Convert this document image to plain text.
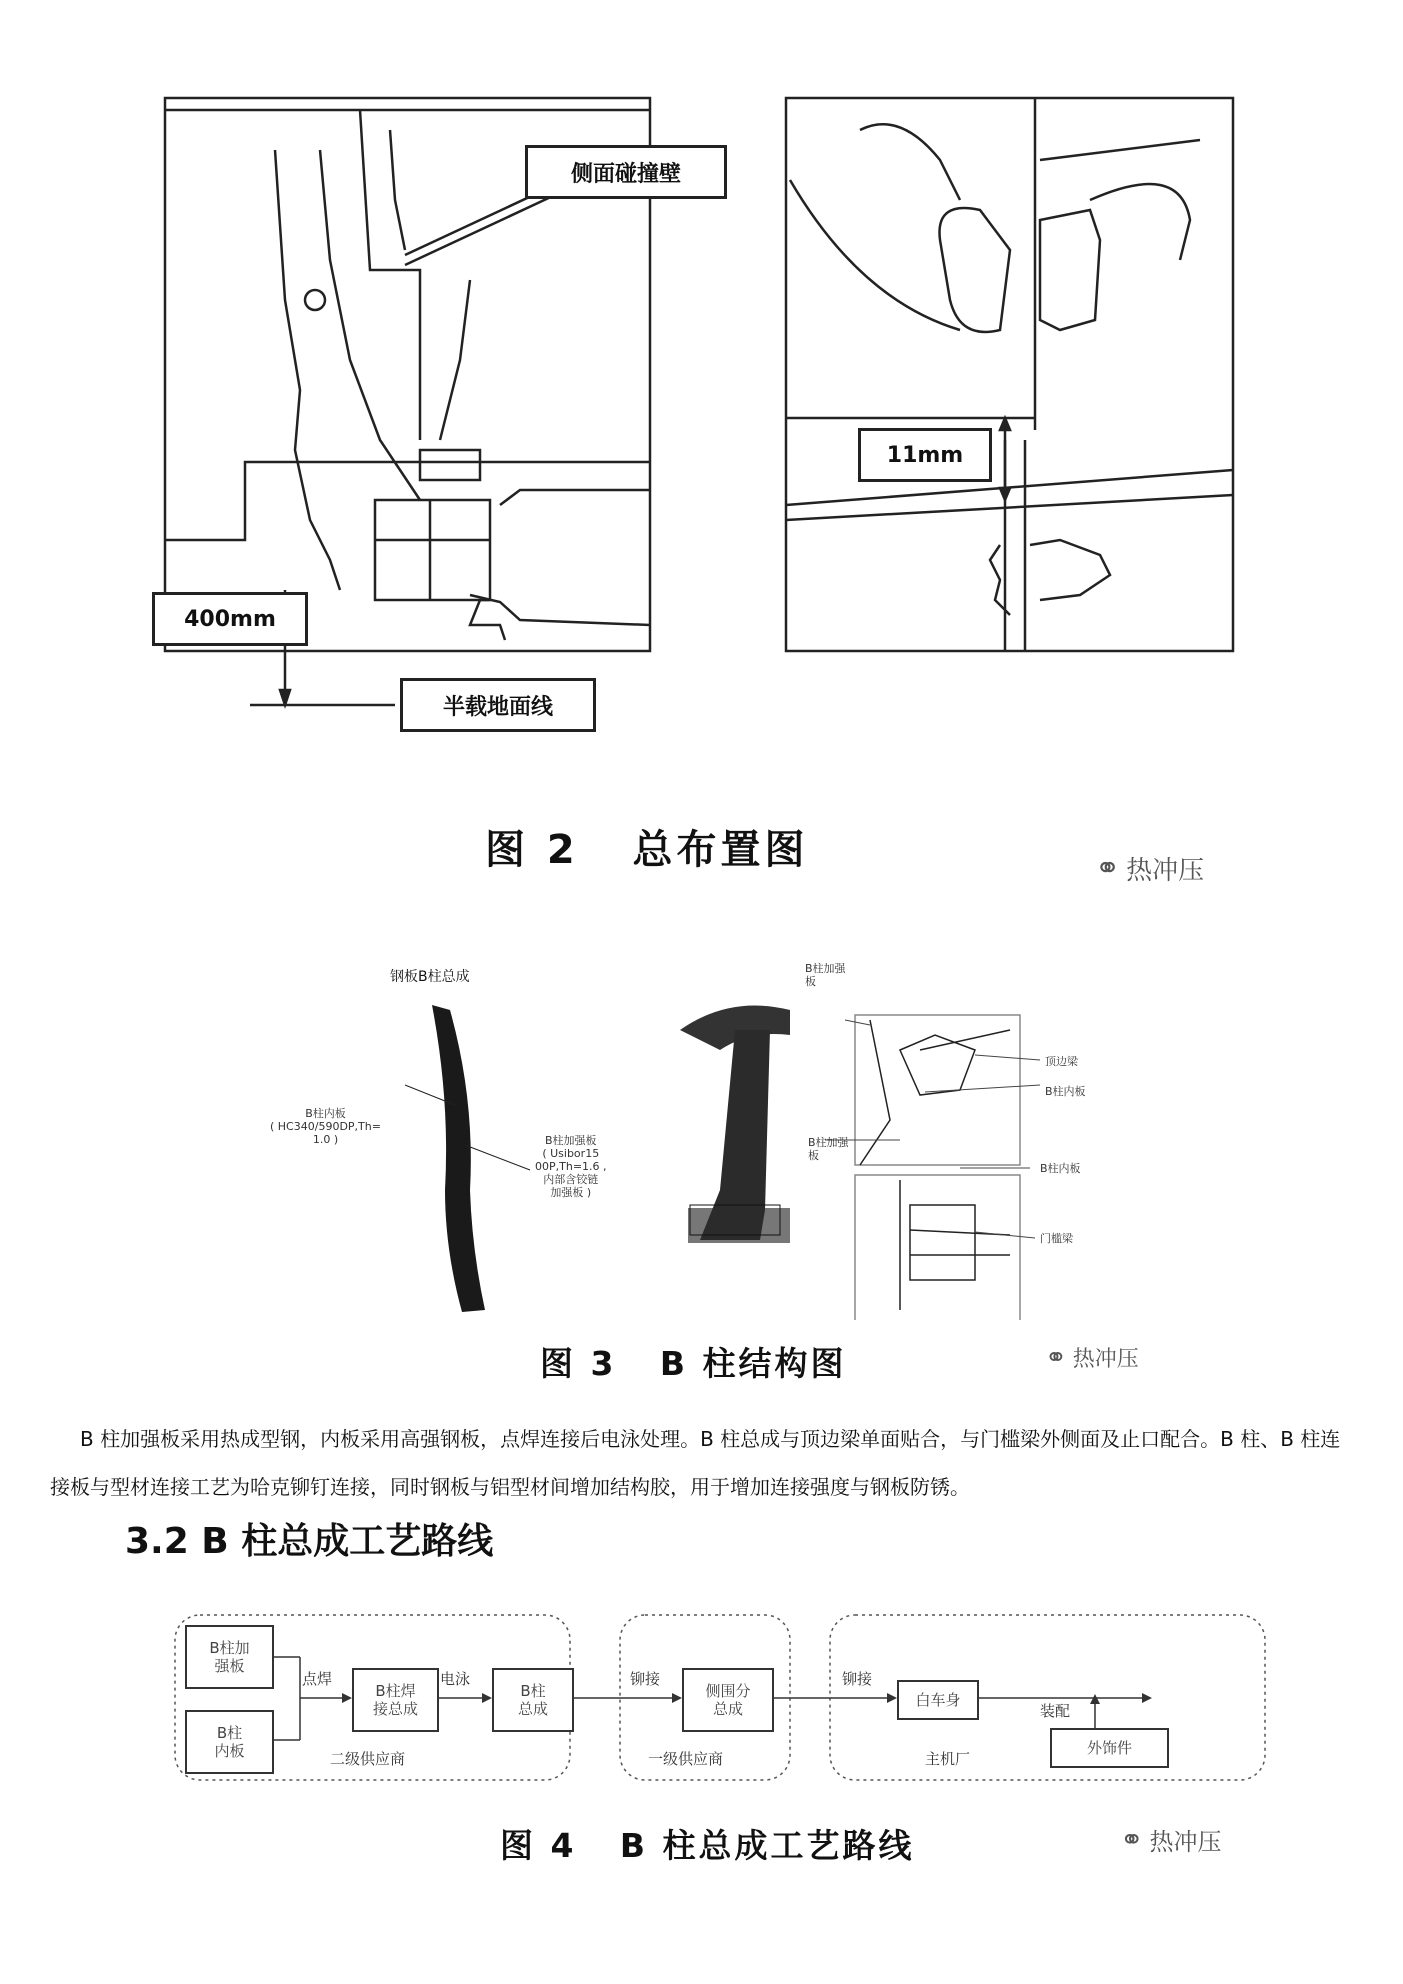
侧面碰撞壁
400mm
半载地面线
11mm
图 2   总布置图	⚭ 热冲压
钢板B柱总成
B柱内板
( HC340/590DP,Th=
1.0 )	B柱加强板
( Usibor15
00P,Th=1.6 ,
内部含铰链
加强板 )
B柱加强
板
顶边梁
B柱内板
B柱加强
板
B柱内板
门槛梁
图 3   B 柱结构图	⚭ 热冲压
B 柱加强板采用热成型钢，内板采用高强钢板，点焊连接后电泳处理。B 柱总成与顶边梁单面贴合，与门槛梁外侧面及止口配合。B 柱、B 柱连接板与型材连接工艺为哈克铆钉连接，同时钢板与铝型材间增加结构胶，用于增加连接强度与钢板防锈。
3.2 B 柱总成工艺路线
B柱加
强板
B柱
内板
B柱焊
接总成
B柱
总成
侧围分
总成	白车身
外饰件
点焊	电泳	铆接	铆接
装配
二级供应商	一级供应商	主机厂
图 4   B 柱总成工艺路线	⚭ 热冲压
